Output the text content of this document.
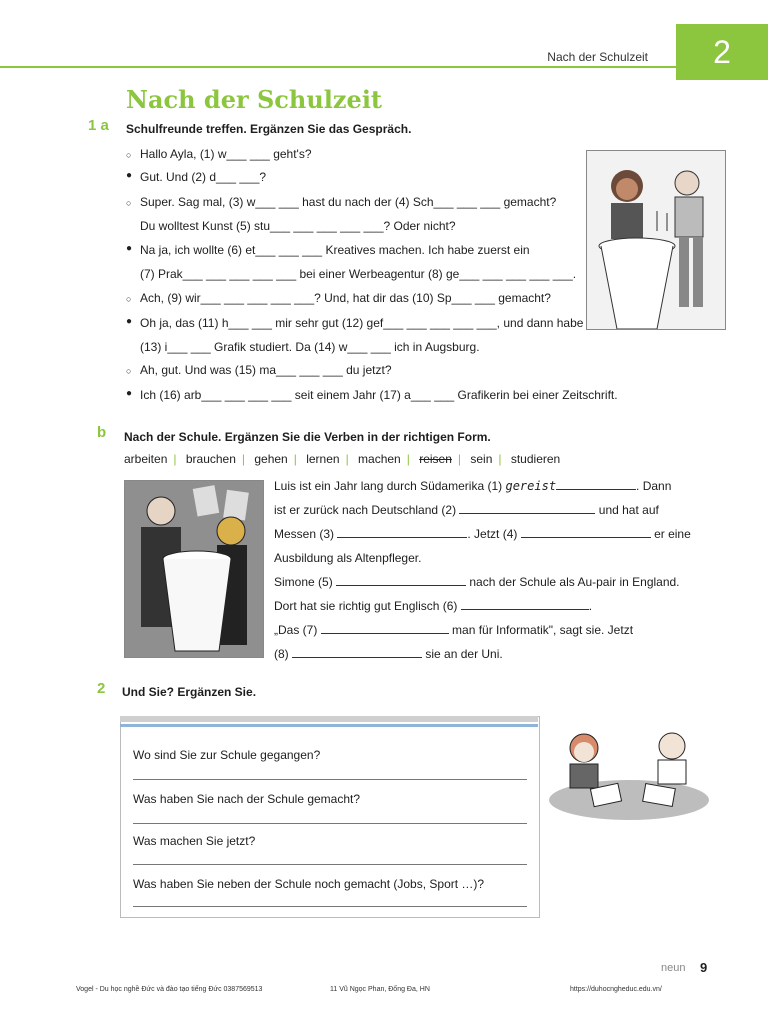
2
Nach der Schulzeit
Nach der Schulzeit
1 a Schulfreunde treffen. Ergänzen Sie das Gespräch.
○ Hallo Ayla, (1) w___ ___ geht's?
● Gut. Und (2) d___ ___?
○ Super. Sag mal, (3) w___ ___ hast du nach der (4) Sch___ ___ ___ gemacht?
Du wolltest Kunst (5) stu___ ___ ___ ___ ___? Oder nicht?
● Na ja, ich wollte (6) et___ ___ ___ Kreatives machen. Ich habe zuerst ein
(7) Prak___ ___ ___ ___ ___ bei einer Werbeagentur (8) ge___ ___ ___ ___ ___.
○ Ach, (9) wir___ ___ ___ ___ ___? Und, hat dir das (10) Sp___ ___ gemacht?
● Oh ja, das (11) h___ ___ mir sehr gut (12) gef___ ___ ___ ___ ___, und dann habe
(13) i___ ___ Grafik studiert. Da (14) w___ ___ ich in Augsburg.
○ Ah, gut. Und was (15) ma___ ___ ___ du jetzt?
● Ich (16) arb___ ___ ___ ___ seit einem Jahr (17) a___ ___ Grafikerin bei einer Zeitschrift.
b Nach der Schule. Ergänzen Sie die Verben in der richtigen Form.
arbeiten | brauchen | gehen | lernen | machen | reisen | sein | studieren
Luis ist ein Jahr lang durch Südamerika (1) gereist	. Dann
ist er zurück nach Deutschland (2)	und hat auf
Messen (3)	. Jetzt (4)	er eine
Ausbildung als Altenpfleger.
Simone (5)	nach der Schule als Au-pair in England.
Dort hat sie richtig gut Englisch (6)	.
„Das (7)	man für Informatik", sagt sie. Jetzt
(8)	sie an der Uni.
2 Und Sie? Ergänzen Sie.
Wo sind Sie zur Schule gegangen?
Was haben Sie nach der Schule gemacht?
Was machen Sie jetzt?
Was haben Sie neben der Schule noch gemacht (Jobs, Sport …)?
neun 9
Vogel - Du học nghề Đức và đào tạo tiếng Đức 0387569513	11 Vũ Ngọc Phan, Đống Đa, HN	https://duhocngheduc.edu.vn/
